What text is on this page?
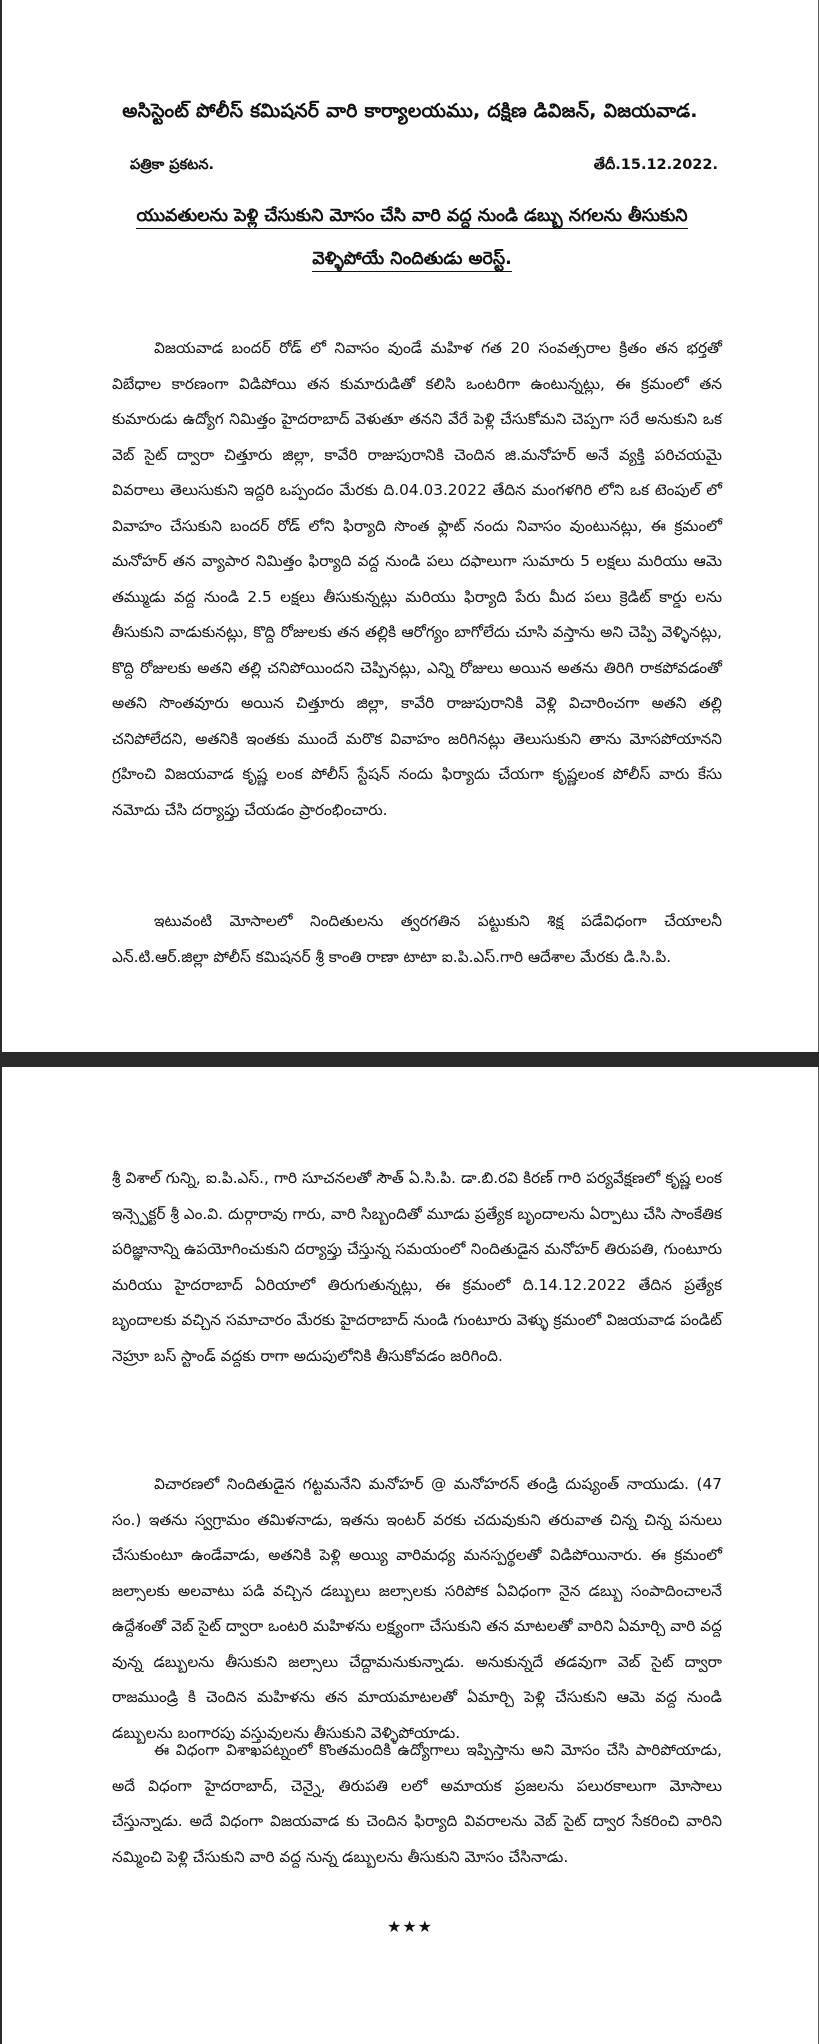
అసిస్టెంట్ పోలీస్ కమిషనర్ వారి కార్యాలయము, దక్షిణ డివిజన్, విజయవాడ.
పత్రికా ప్రకటన.	తేదీ.15.12.2022.
యువతులను పెళ్లి చేసుకుని మోసం చేసి వారి వద్ద నుండి డబ్బు నగలను తీసుకుని
వెళ్ళిపోయే నిందితుడు అరెస్ట్.

విజయవాడ బందర్ రోడ్ లో నివాసం వుండే మహిళ గత 20 సంవత్సరాల క్రితం తన భర్తతో విబేధాల కారణంగా విడిపోయి తన కుమారుడితో కలిసి ఒంటరిగా ఉంటున్నట్లు, ఈ క్రమంలో తన కుమారుడు ఉద్యోగ నిమిత్తం హైదరాబాద్ వెళుతూ తనని వేరే పెళ్లి చేసుకోమని చెప్పగా సరే అనుకుని ఒక వెబ్ సైట్ ద్వారా చిత్తూరు జిల్లా, కావేరి రాజుపురానికి చెందిన జి.మనోహర్ అనే వ్యక్తి పరిచయమై వివరాలు తెలుసుకుని ఇద్దరి ఒప్పందం మేరకు ది.04.03.2022 తేదిన మంగళగిరి లోని ఒక టెంపుల్ లో వివాహం చేసుకుని బందర్ రోడ్ లోని ఫిర్యాది సొంత ఫ్లాట్ నందు నివాసం వుంటునట్లు, ఈ క్రమంలో మనోహర్ తన వ్యాపార నిమిత్తం ఫిర్యాది వద్ద నుండి పలు దఫాలుగా సుమారు 5 లక్షలు మరియు ఆమె తమ్ముడు వద్ద నుండి 2.5 లక్షలు తీసుకున్నట్లు మరియు ఫిర్యాది పేరు మీద పలు క్రెడిట్ కార్డు లను తీసుకుని వాడుకునట్లు, కొద్ది రోజులకు తన తల్లికి ఆరోగ్యం బాగోలేదు చూసి వస్తాను అని చెప్పి వెళ్ళినట్లు, కొద్ది రోజులకు అతని తల్లి చనిపోయిందని చెప్పినట్లు, ఎన్ని రోజులు అయిన అతను తిరిగి రాకపోవడంతో అతని సొంతవూరు అయిన చిత్తూరు జిల్లా, కావేరి రాజుపురానికి వెళ్లి విచారించగా అతని తల్లి చనిపోలేదని, అతనికి ఇంతకు ముందే మరొక వివాహం జరిగినట్లు తెలుసుకుని తాను మోసపోయానని గ్రహించి విజయవాడ కృష్ణ లంక పోలీస్ స్టేషన్ నందు ఫిర్యాదు చేయగా కృష్ణలంక పోలీస్ వారు కేసు నమోదు చేసి దర్యాప్తు చేయడం ప్రారంభించారు.

ఇటువంటి మోసాలలో నిందితులను త్వరగతిన పట్టుకుని శిక్ష పడేవిధంగా చేయాలనీ ఎన్.టి.ఆర్.జిల్లా పోలీస్ కమిషనర్ శ్రీ కాంతి రాణా టాటా ఐ.పి.ఎస్.గారి ఆదేశాల మేరకు డి.సి.పి.

శ్రీ విశాల్ గున్ని, ఐ.పి.ఎస్., గారి సూచనలతో సౌత్ ఏ.సి.పి. డా.బి.రవి కిరణ్ గారి పర్యవేక్షణలో కృష్ణ లంక ఇన్స్పెక్టర్ శ్రీ ఎం.వి. దుర్గారావు గారు, వారి సిబ్బందితో మూడు ప్రత్యేక బృందాలను ఏర్పాటు చేసి సాంకేతిక పరిజ్ఞానాన్ని ఉపయోగించుకుని దర్యాప్తు చేస్తున్న సమయంలో నిందితుడైన మనోహర్ తిరుపతి, గుంటూరు మరియు హైదరాబాద్ ఏరియాలో తిరుగుతున్నట్లు, ఈ క్రమంలో ది.14.12.2022 తేదిన ప్రత్యేక బృందాలకు వచ్చిన సమాచారం మేరకు హైదరాబాద్ నుండి గుంటూరు వెళ్ళు క్రమంలో విజయవాడ పండిట్ నెహ్రూ బస్ స్టాండ్ వద్దకు రాగా అదుపులోనికి తీసుకోవడం జరిగింది.

విచారణలో నిందితుడైన గట్టమనేని మనోహర్ @ మనోహరన్ తండ్రి దుష్యంత్ నాయుడు. (47 సం.) ఇతను స్వగ్రామం తమిళనాడు, ఇతను ఇంటర్ వరకు చదువుకుని తరువాత చిన్న చిన్న పనులు చేసుకుంటూ ఉండేవాడు, అతనికి పెళ్లి అయ్యి వారిమధ్య మనస్పర్థలతో విడిపోయినారు. ఈ క్రమంలో జల్సాలకు అలవాటు పడి వచ్చిన డబ్బులు జల్సాలకు సరిపోక ఏవిధంగా నైన డబ్బు సంపాదించాలనే ఉద్దేశంతో వెబ్ సైట్ ద్వారా ఒంటరి మహిళను లక్ష్యంగా చేసుకుని తన మాటలతో వారిని ఏమార్చి వారి వద్ద వున్న డబ్బులను తీసుకుని జల్సాలు చేద్దామనుకున్నాడు. అనుకున్నదే తడవుగా వెబ్ సైట్ ద్వారా రాజముండ్రి కి చెందిన మహిళను తన మాయమాటలతో ఏమార్చి పెళ్లి చేసుకుని ఆమె వద్ద నుండి డబ్బులను బంగారపు వస్తువులను తీసుకుని వెళ్ళిపోయాడు.

ఈ విధంగా విశాఖపట్నంలో కొంతమందికి ఉద్యోగాలు ఇప్పిస్తాను అని మోసం చేసి పారిపోయాడు, అదే విధంగా హైదరాబాద్, చెన్నై, తిరుపతి లలో అమాయక ప్రజలను పలురకాలుగా మోసాలు చేస్తున్నాడు. అదే విధంగా విజయవాడ కు చెందిన ఫిర్యాది వివరాలను వెబ్ సైట్ ద్వార సేకరించి వారిని నమ్మించి పెళ్లి చేసుకుని వారి వద్ద నున్న డబ్బులను తీసుకుని మోసం చేసినాడు.

★★★
